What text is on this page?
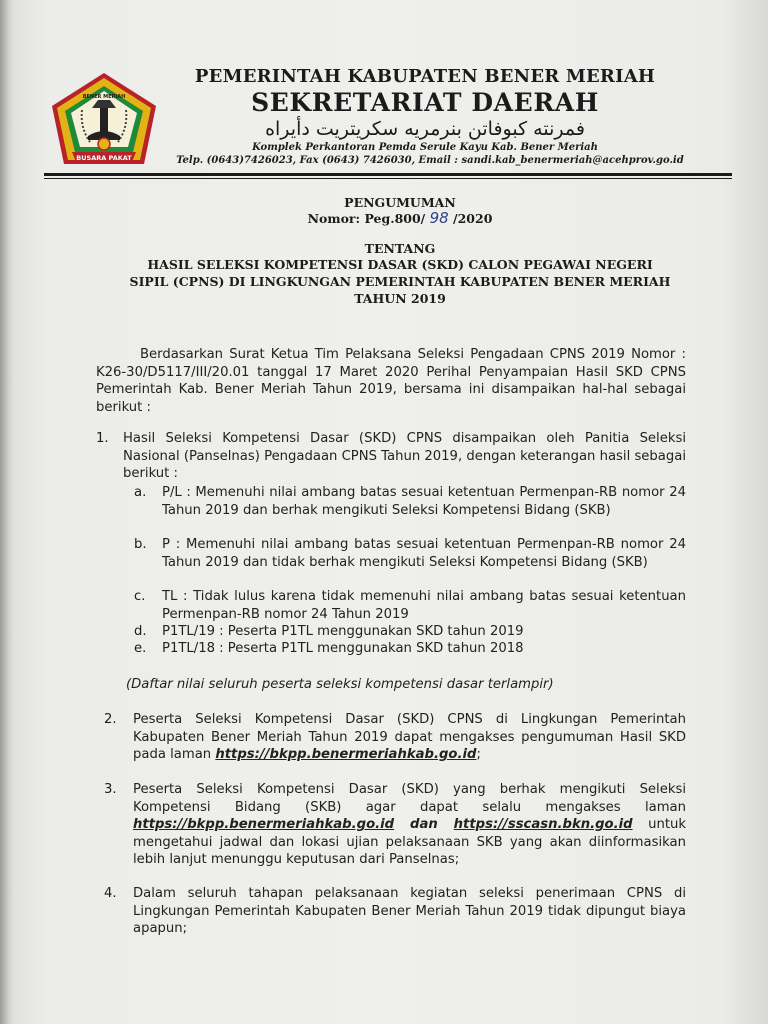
BUSARA PAKAT
BENER MERIAH
PEMERINTAH KABUPATEN BENER MERIAH
SEKRETARIAT DAERAH
فمرنته كبوفاتن بنرمريه سكريتريت دأيراه
Komplek Perkantoran Pemda Serule Kayu Kab. Bener Meriah
Telp. (0643)7426023, Fax (0643) 7426030, Email : sandi.kab_benermeriah@acehprov.go.id
PENGUMUMAN
Nomor: Peg.800/ 98 /2020
TENTANG
HASIL SELEKSI KOMPETENSI DASAR (SKD) CALON PEGAWAI NEGERI
SIPIL (CPNS) DI LINGKUNGAN PEMERINTAH KABUPATEN BENER MERIAH
TAHUN 2019
Berdasarkan Surat Ketua Tim Pelaksana Seleksi Pengadaan CPNS 2019 Nomor : K26-30/D5117/III/20.01 tanggal 17 Maret 2020 Perihal Penyampaian Hasil SKD CPNS Pemerintah Kab. Bener Meriah Tahun 2019, bersama ini disampaikan hal-hal sebagai berikut :
1. Hasil Seleksi Kompetensi Dasar (SKD) CPNS disampaikan oleh Panitia Seleksi Nasional (Panselnas) Pengadaan CPNS Tahun 2019, dengan keterangan hasil sebagai berikut :
a. P/L : Memenuhi nilai ambang batas sesuai ketentuan Permenpan-RB nomor 24 Tahun 2019 dan berhak mengikuti Seleksi Kompetensi Bidang (SKB)
b. P : Memenuhi nilai ambang batas sesuai ketentuan Permenpan-RB nomor 24 Tahun 2019 dan tidak berhak mengikuti Seleksi Kompetensi Bidang (SKB)
c. TL : Tidak lulus karena tidak memenuhi nilai ambang batas sesuai ketentuan Permenpan-RB nomor 24 Tahun 2019
d. P1TL/19 : Peserta P1TL menggunakan SKD tahun 2019
e. P1TL/18 : Peserta P1TL menggunakan SKD tahun 2018
(Daftar nilai seluruh peserta seleksi kompetensi dasar terlampir)
2. Peserta Seleksi Kompetensi Dasar (SKD) CPNS di Lingkungan Pemerintah Kabupaten Bener Meriah Tahun 2019 dapat mengakses pengumuman Hasil SKD pada laman https://bkpp.benermeriahkab.go.id;
3. Peserta Seleksi Kompetensi Dasar (SKD) yang berhak mengikuti Seleksi Kompetensi Bidang (SKB) agar dapat selalu mengakses laman https://bkpp.benermeriahkab.go.id dan https://sscasn.bkn.go.id untuk mengetahui jadwal dan lokasi ujian pelaksanaan SKB yang akan diinformasikan lebih lanjut menunggu keputusan dari Panselnas;
4. Dalam seluruh tahapan pelaksanaan kegiatan seleksi penerimaan CPNS di Lingkungan Pemerintah Kabupaten Bener Meriah Tahun 2019 tidak dipungut biaya apapun;
